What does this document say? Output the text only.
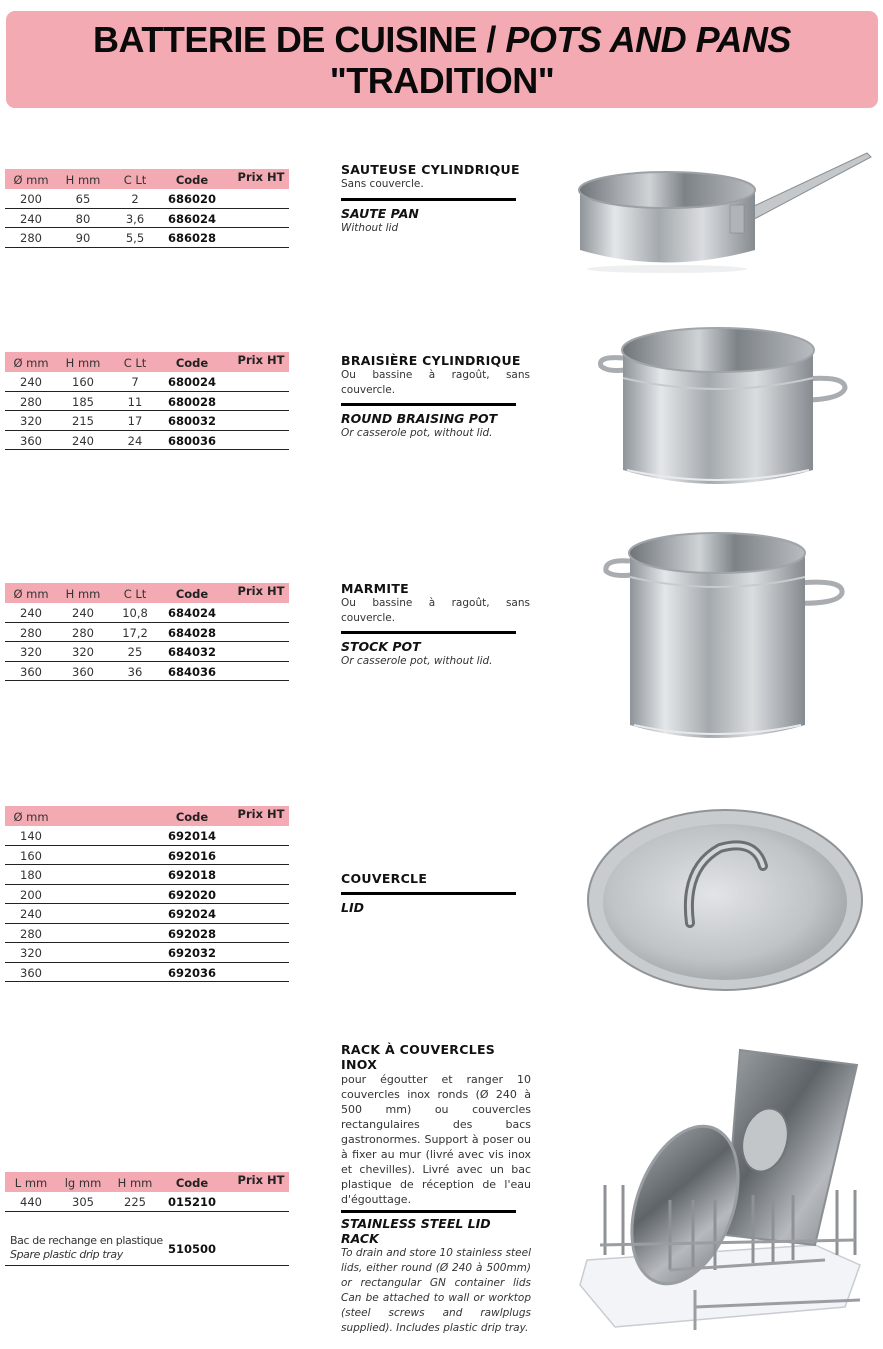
BATTERIE DE CUISINE / POTS AND PANS
"TRADITION"
Ø mm	H mm	C Lt	Code	Prix HT
200	65	2	686020
240	80	3,6	686024
280	90	5,5	686028
SAUTEUSE CYLINDRIQUE
Sans couvercle.
SAUTE PAN
Without lid
Ø mm	H mm	C Lt	Code	Prix HT
240	160	7	680024
280	185	11	680028
320	215	17	680032
360	240	24	680036
BRAISIÈRE CYLINDRIQUE
Ou bassine à ragoût, sans couvercle.
ROUND BRAISING POT
Or casserole pot, without lid.
Ø mm	H mm	C Lt	Code	Prix HT
240	240	10,8	684024
280	280	17,2	684028
320	320	25	684032
360	360	36	684036
MARMITE
Ou bassine à ragoût, sans couvercle.
STOCK POT
Or casserole pot, without lid.
Ø mm	Code	Prix HT
140	692014
160	692016
180	692018
200	692020
240	692024
280	692028
320	692032
360	692036
COUVERCLE
LID
L mm	lg mm	H mm	Code	Prix HT
440	305	225	015210
Bac de rechange en plastique
Spare plastic drip tray	510500
RACK À COUVERCLES INOX
pour égoutter et ranger 10 couvercles inox ronds (Ø 240 à 500 mm) ou couvercles rectangulaires des bacs gastronormes. Support à poser ou à fixer au mur (livré avec vis inox et chevilles). Livré avec un bac plastique de réception de l'eau d'égouttage.
STAINLESS STEEL LID RACK
To drain and store 10 stainless steel lids, either round (Ø 240 à 500mm) or rectangular GN container lids Can be attached to wall or worktop (steel screws and rawlplugs supplied). Includes plastic drip tray.
